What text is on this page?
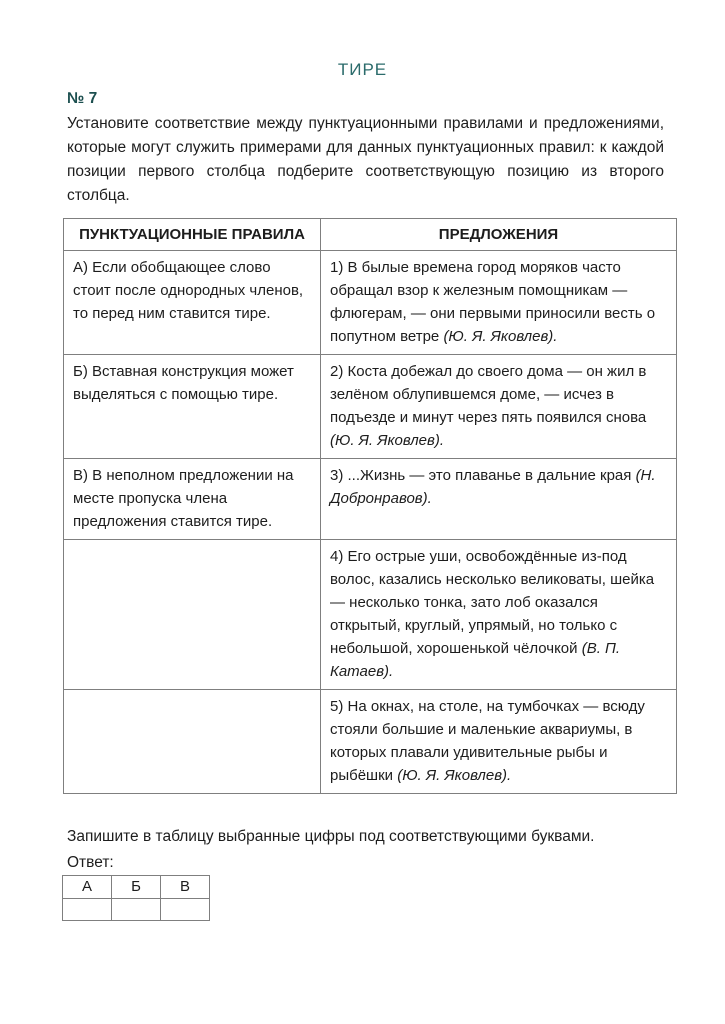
ТИРЕ
№ 7
Установите соответствие между пунктуационными правилами и предложениями, которые могут служить примерами для данных пунктуационных правил: к каждой позиции первого столбца подберите соответствующую позицию из второго столбца.
ПУНКТУАЦИОННЫЕ ПРАВИЛА	ПРЕДЛОЖЕНИЯ
А) Если обобщающее слово стоит после однородных членов, то перед ним ставится тире.	1) В былые времена город моряков часто обращал взор к железным помощникам — флюгерам, — они первыми приносили весть о попутном ветре (Ю. Я. Яковлев).
Б) Вставная конструкция может выделяться с помощью тире.	2) Коста добежал до своего дома — он жил в зелёном облупившемся доме, — исчез в подъезде и минут через пять появился снова (Ю. Я. Яковлев).
В) В неполном предложении на месте пропуска члена предложения ставится тире.	3) ...Жизнь — это плаванье в дальние края (Н. Добронравов).
	4) Его острые уши, освобождённые из-под волос, казались несколько великоваты, шейка — несколько тонка, зато лоб оказался открытый, круглый, упрямый, но только с небольшой, хорошенькой чёлочкой (В. П. Катаев).
	5) На окнах, на столе, на тумбочках — всюду стояли большие и маленькие аквариумы, в которых плавали удивительные рыбы и рыбёшки (Ю. Я. Яковлев).
Запишите в таблицу выбранные цифры под соответствующими буквами.
Ответ:
А	Б	В
